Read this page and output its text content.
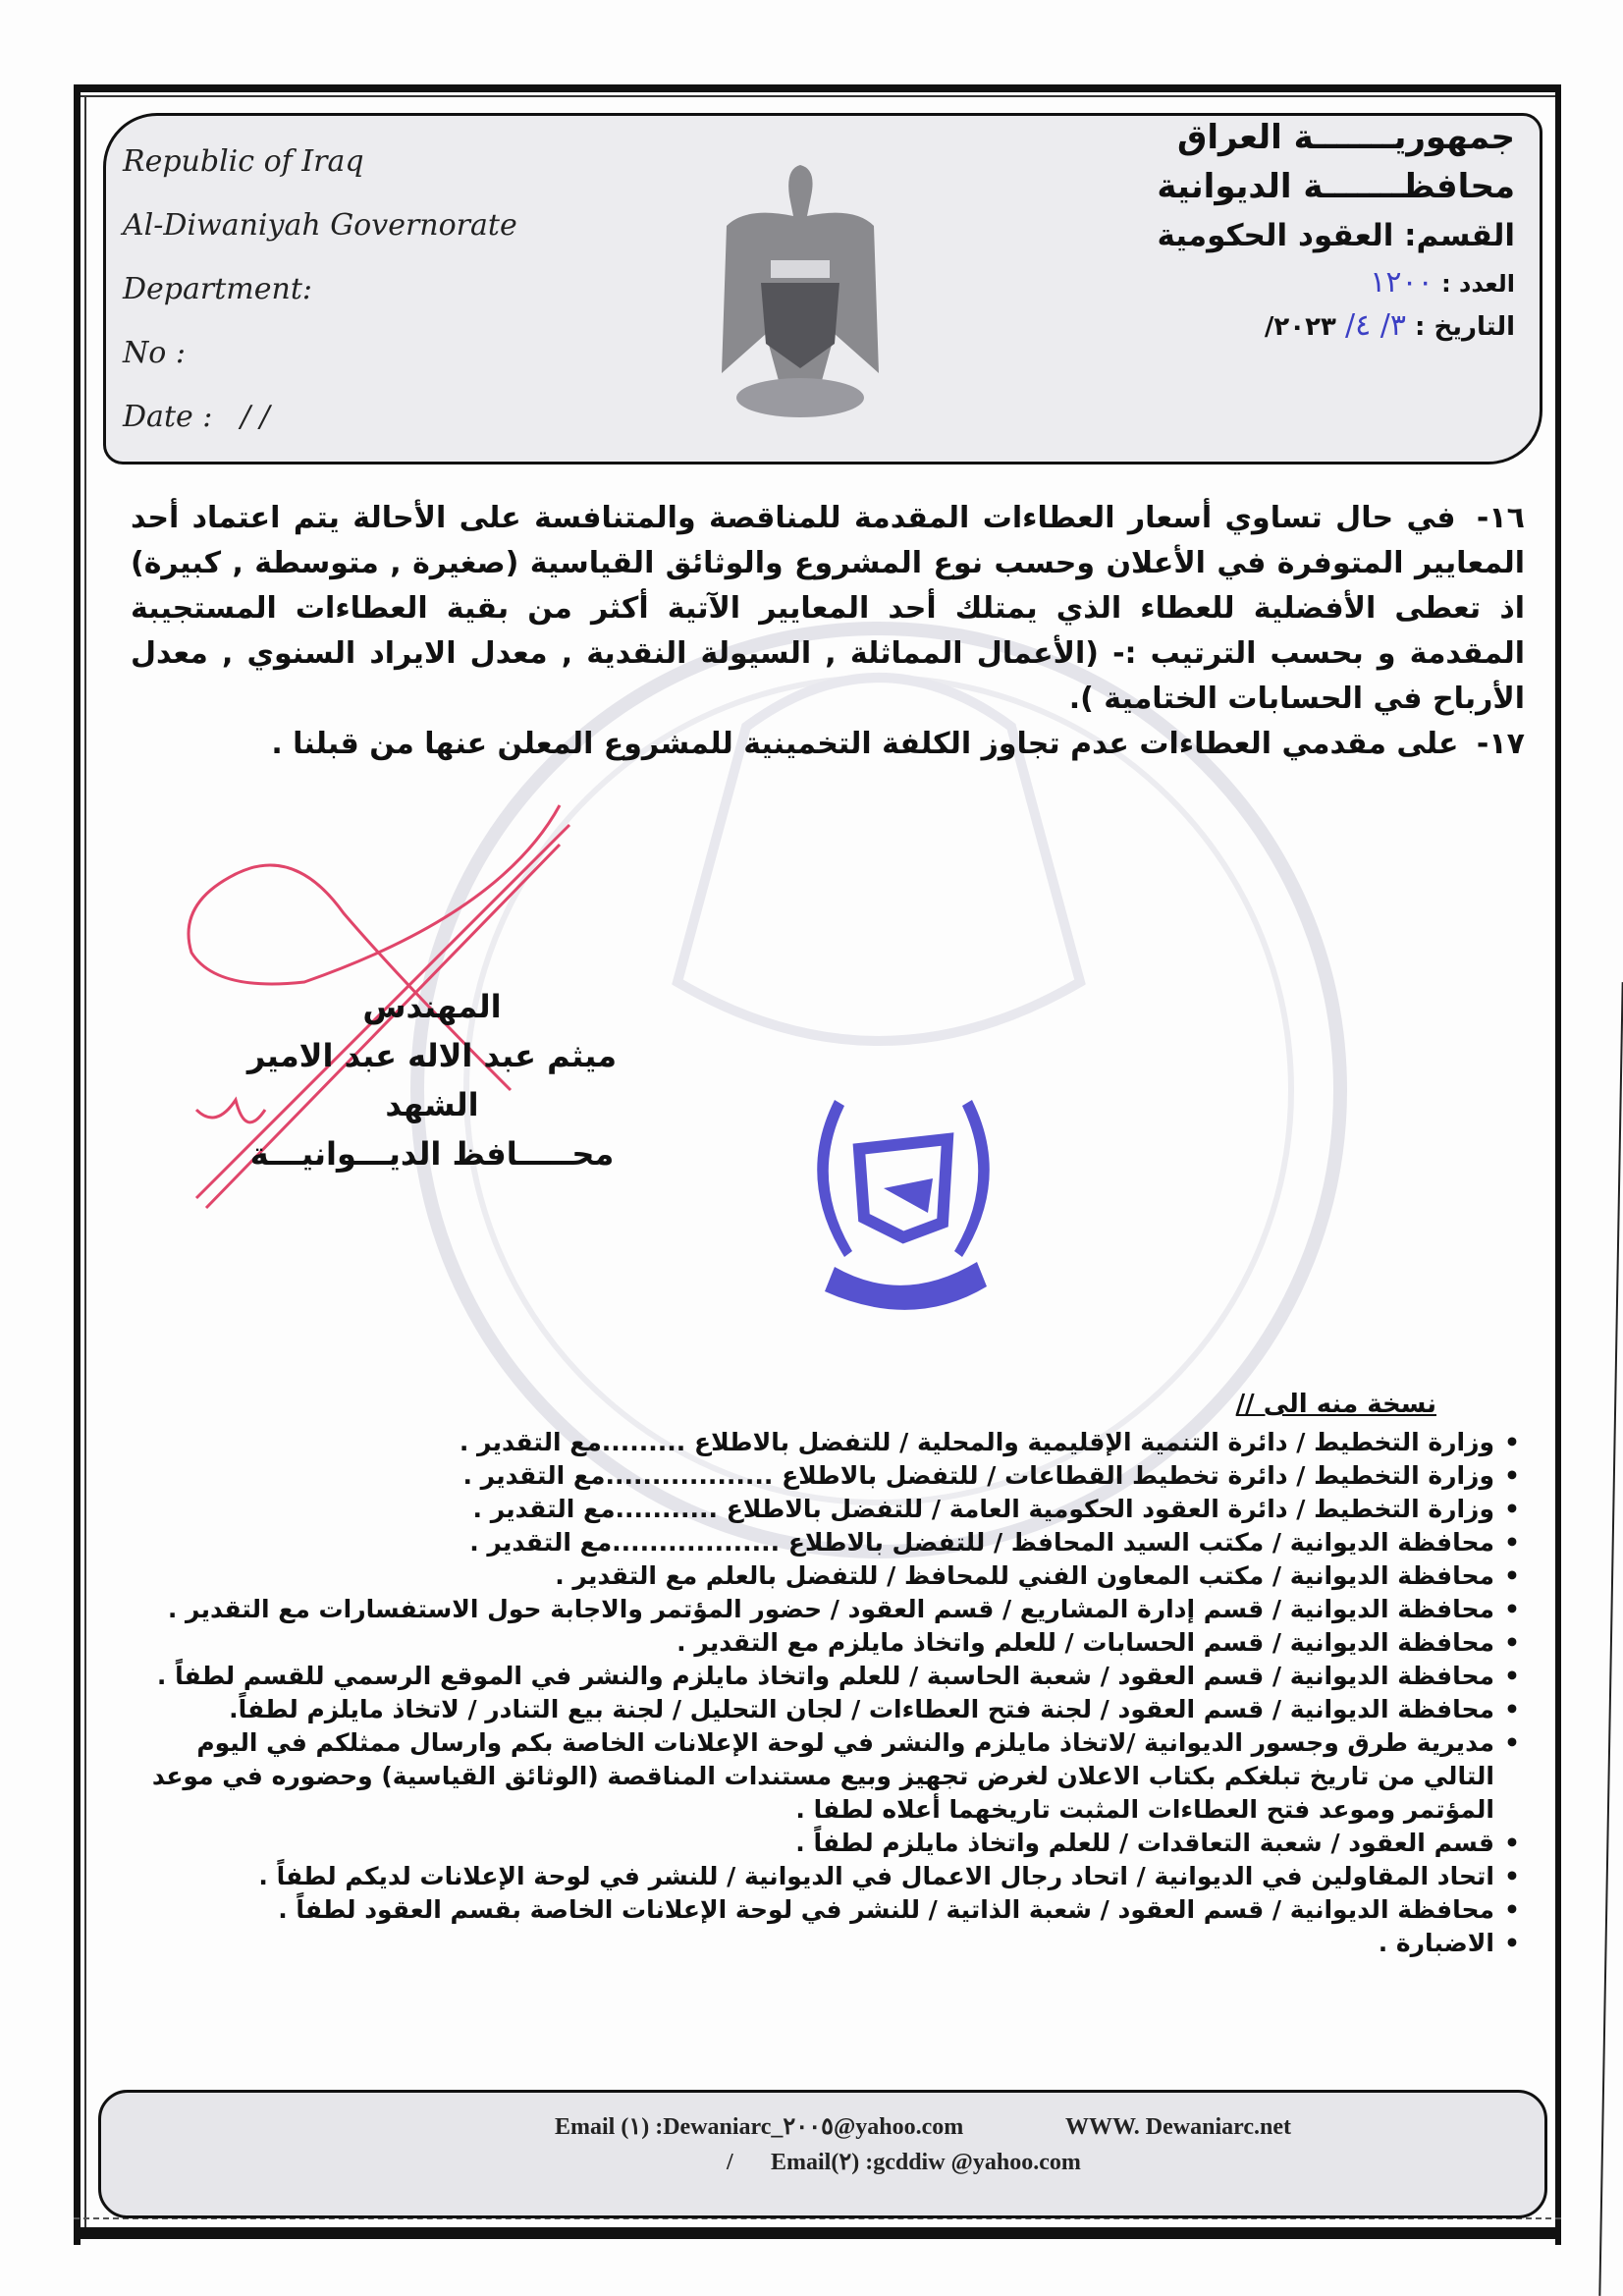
Republic of Iraq
Al-Diwaniyah Governorate
Department:
No :
Date : / /
جمهوريـــــــة العراق
محافظـــــــة الديوانية
القسم: العقود الحكومية
العدد : ١٢٠٠
التاريخ : ٣/ ٤/ ٢٠٢٣/
١٦- في حال تساوي أسعار العطاءات المقدمة للمناقصة والمتنافسة على الأحالة يتم اعتماد أحد المعايير المتوفرة في الأعلان وحسب نوع المشروع والوثائق القياسية (صغيرة , متوسطة , كبيرة) اذ تعطى الأفضلية للعطاء الذي يمتلك أحد المعايير الآتية أكثر من بقية العطاءات المستجيبة المقدمة و بحسب الترتيب :- (الأعمال المماثلة , السيولة النقدية , معدل الايراد السنوي , معدل الأرباح في الحسابات الختامية ).
١٧- على مقدمي العطاءات عدم تجاوز الكلفة التخمينية للمشروع المعلن عنها من قبلنا .
المهندس
ميثم عبد الاله عبد الامير الشهد
محـــــافظ الديـــوانيـــة
نسخة منه الى //
• وزارة التخطيط / دائرة التنمية الإقليمية والمحلية / للتفضل بالاطلاع .........مع التقدير .
• وزارة التخطيط / دائرة تخطيط القطاعات / للتفضل بالاطلاع ..................مع التقدير .
• وزارة التخطيط / دائرة العقود الحكومية العامة / للتفضل بالاطلاع ...........مع التقدير .
• محافظة الديوانية / مكتب السيد المحافظ / للتفضل بالاطلاع ..................مع التقدير .
• محافظة الديوانية / مكتب المعاون الفني للمحافظ / للتفضل بالعلم مع التقدير .
• محافظة الديوانية / قسم إدارة المشاريع / قسم العقود / حضور المؤتمر والاجابة حول الاستفسارات مع التقدير .
• محافظة الديوانية / قسم الحسابات / للعلم واتخاذ مايلزم مع التقدير .
• محافظة الديوانية / قسم العقود / شعبة الحاسبة / للعلم واتخاذ مايلزم والنشر في الموقع الرسمي للقسم لطفاً .
• محافظة الديوانية / قسم العقود / لجنة فتح العطاءات / لجان التحليل / لجنة بيع التنادر / لاتخاذ مايلزم لطفاً.
• مديرية طرق وجسور الديوانية /لاتخاذ مايلزم والنشر في لوحة الإعلانات الخاصة بكم وارسال ممثلكم في اليوم التالي من تاريخ تبلغكم بكتاب الاعلان لغرض تجهيز وبيع مستندات المناقصة (الوثائق القياسية) وحضوره في موعد المؤتمر وموعد فتح العطاءات المثبت تاريخهما أعلاه لطفا .
• قسم العقود / شعبة التعاقدات / للعلم واتخاذ مايلزم لطفاً .
• اتحاد المقاولين في الديوانية / اتحاد رجال الاعمال في الديوانية / للنشر في لوحة الإعلانات لديكم لطفاً .
• محافظة الديوانية / قسم العقود / شعبة الذاتية / للنشر في لوحة الإعلانات الخاصة بقسم العقود لطفاً .
• الاضبارة .
Email (١) :Dewaniarc_٢٠٠٥@yahoo.com	WWW. Dewaniarc.net
/ Email(٢) :gcddiw @yahoo.com
